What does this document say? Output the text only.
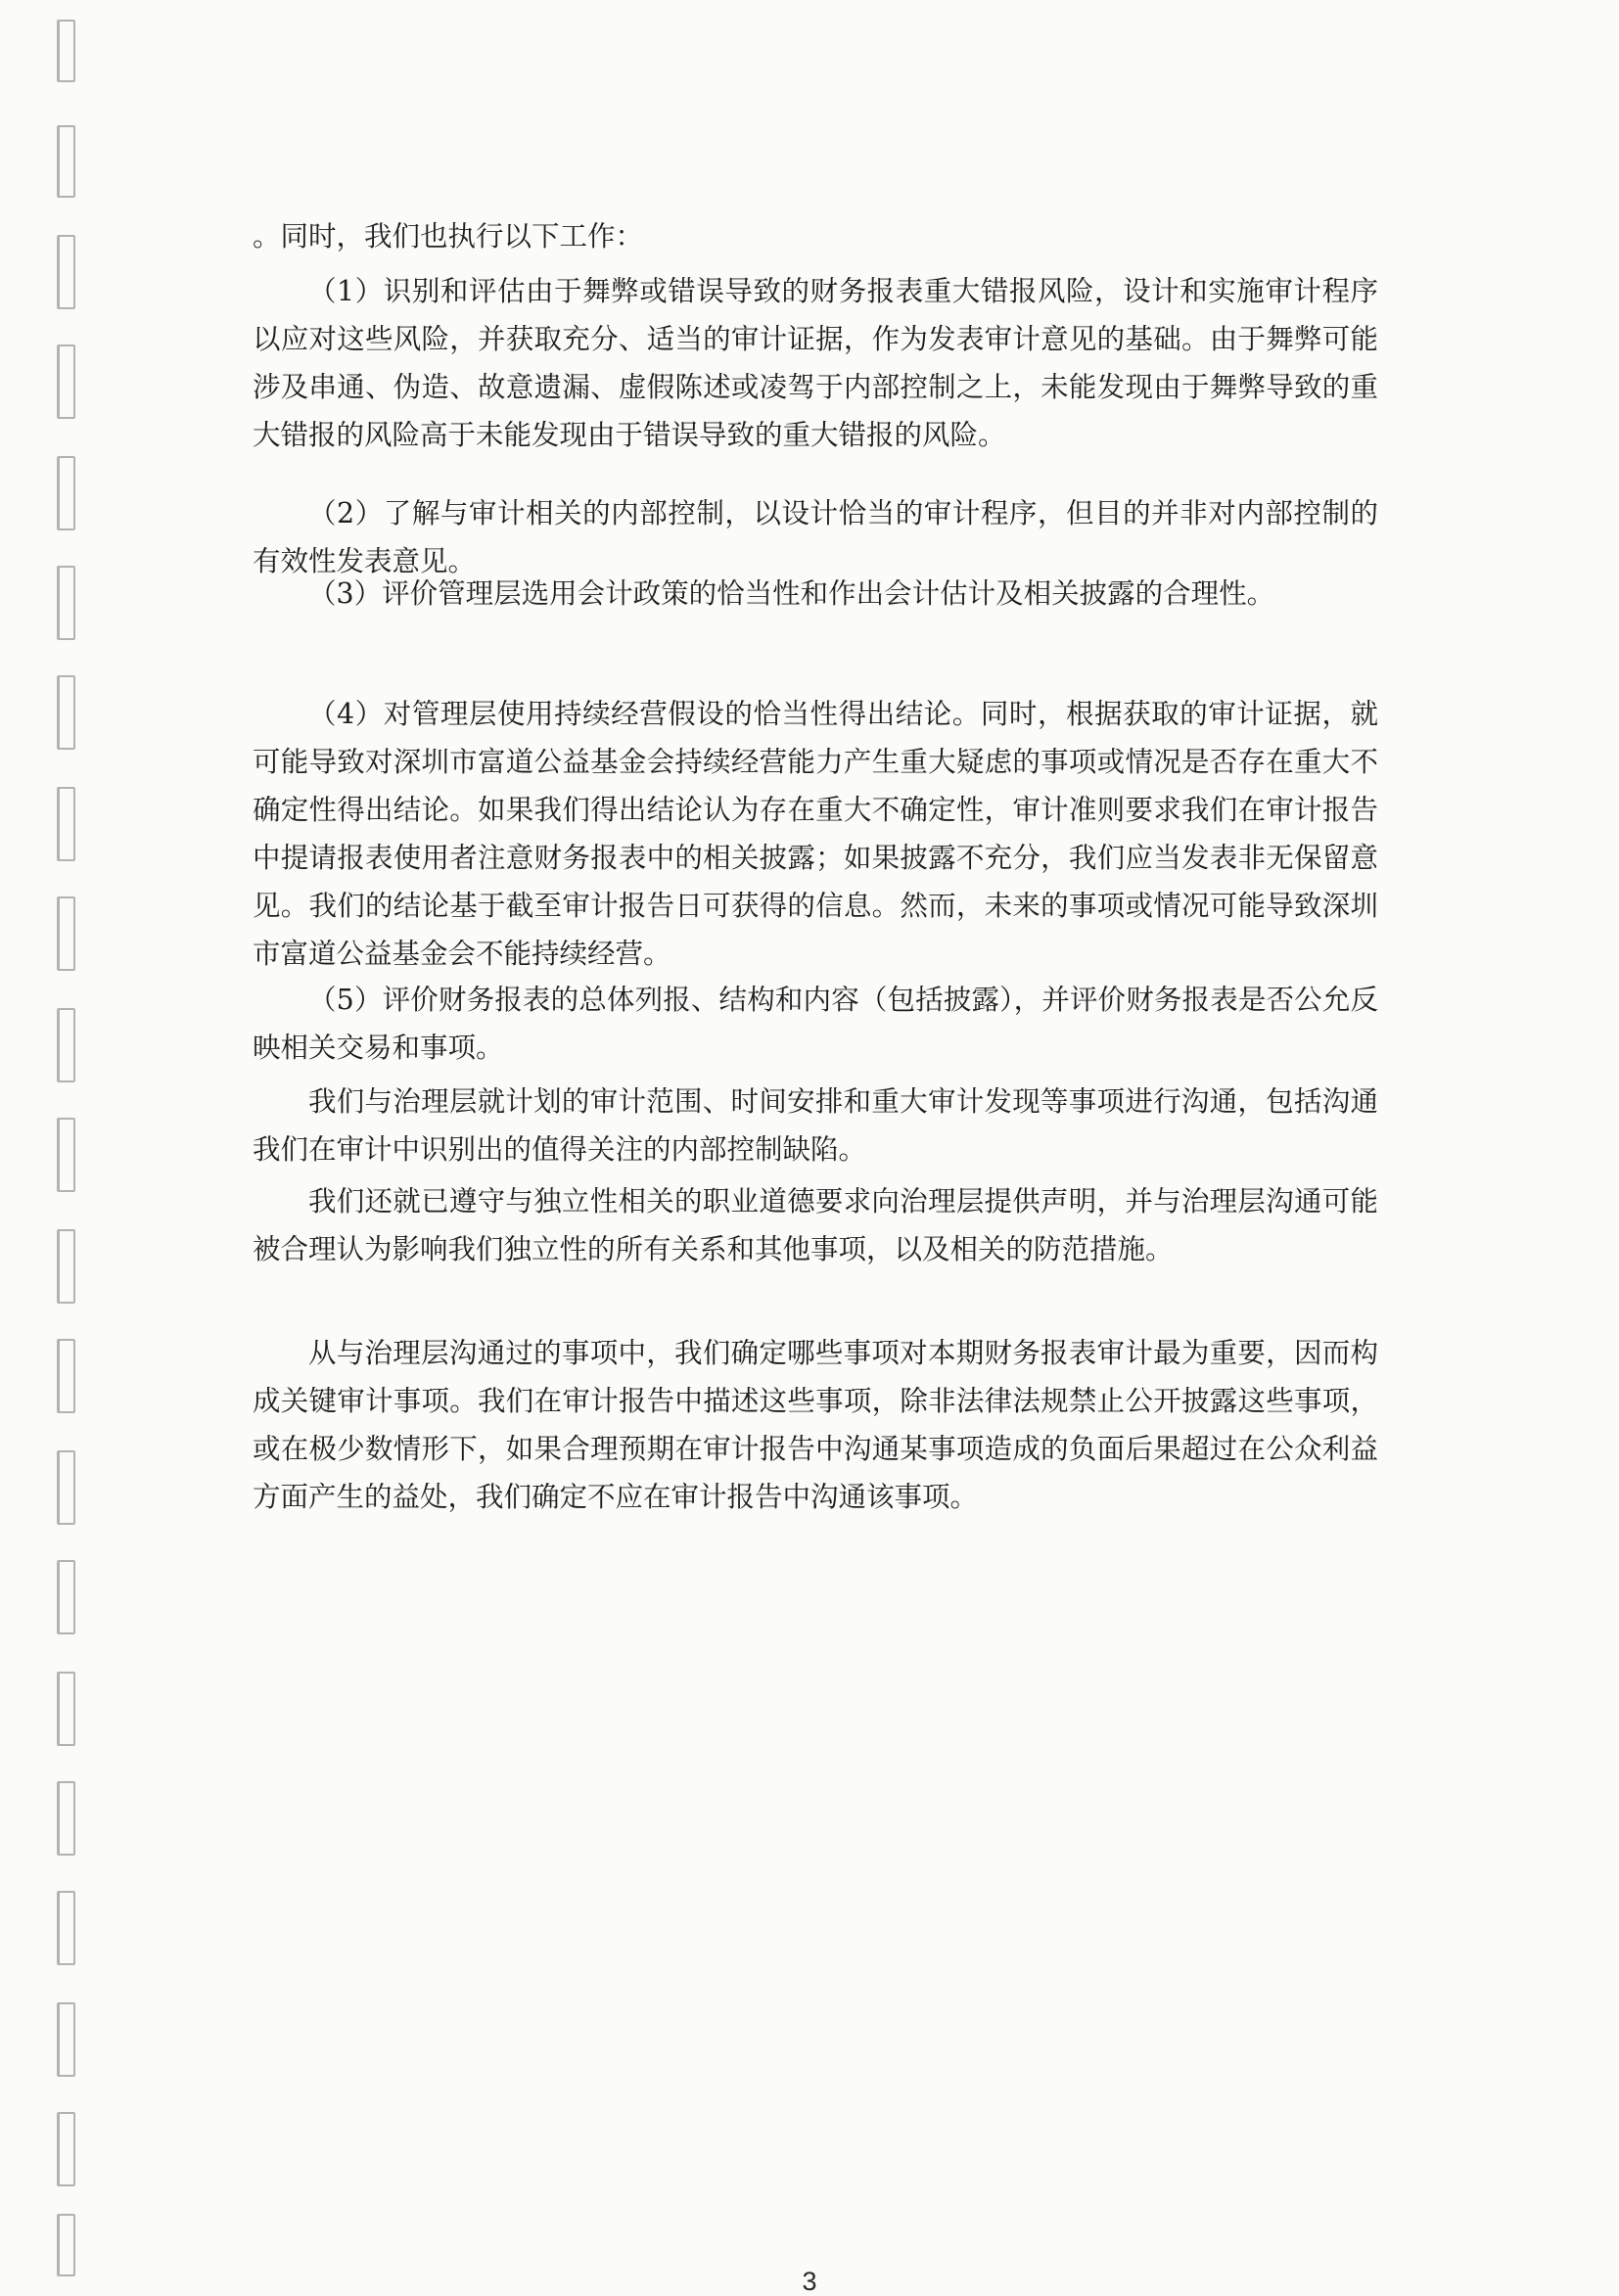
。同时，我们也执行以下工作：

（1）识别和评估由于舞弊或错误导致的财务报表重大错报风险，设计和实施审计程序以应对这些风险，并获取充分、适当的审计证据，作为发表审计意见的基础。由于舞弊可能涉及串通、伪造、故意遗漏、虚假陈述或凌驾于内部控制之上，未能发现由于舞弊导致的重大错报的风险高于未能发现由于错误导致的重大错报的风险。

（2）了解与审计相关的内部控制，以设计恰当的审计程序，但目的并非对内部控制的有效性发表意见。

（3）评价管理层选用会计政策的恰当性和作出会计估计及相关披露的合理性。

（4）对管理层使用持续经营假设的恰当性得出结论。同时，根据获取的审计证据，就可能导致对深圳市富道公益基金会持续经营能力产生重大疑虑的事项或情况是否存在重大不确定性得出结论。如果我们得出结论认为存在重大不确定性，审计准则要求我们在审计报告中提请报表使用者注意财务报表中的相关披露；如果披露不充分，我们应当发表非无保留意见。我们的结论基于截至审计报告日可获得的信息。然而，未来的事项或情况可能导致深圳市富道公益基金会不能持续经营。

（5）评价财务报表的总体列报、结构和内容（包括披露），并评价财务报表是否公允反映相关交易和事项。

我们与治理层就计划的审计范围、时间安排和重大审计发现等事项进行沟通，包括沟通我们在审计中识别出的值得关注的内部控制缺陷。

我们还就已遵守与独立性相关的职业道德要求向治理层提供声明，并与治理层沟通可能被合理认为影响我们独立性的所有关系和其他事项，以及相关的防范措施。

从与治理层沟通过的事项中，我们确定哪些事项对本期财务报表审计最为重要，因而构成关键审计事项。我们在审计报告中描述这些事项，除非法律法规禁止公开披露这些事项，或在极少数情形下，如果合理预期在审计报告中沟通某事项造成的负面后果超过在公众利益方面产生的益处，我们确定不应在审计报告中沟通该事项。

3
